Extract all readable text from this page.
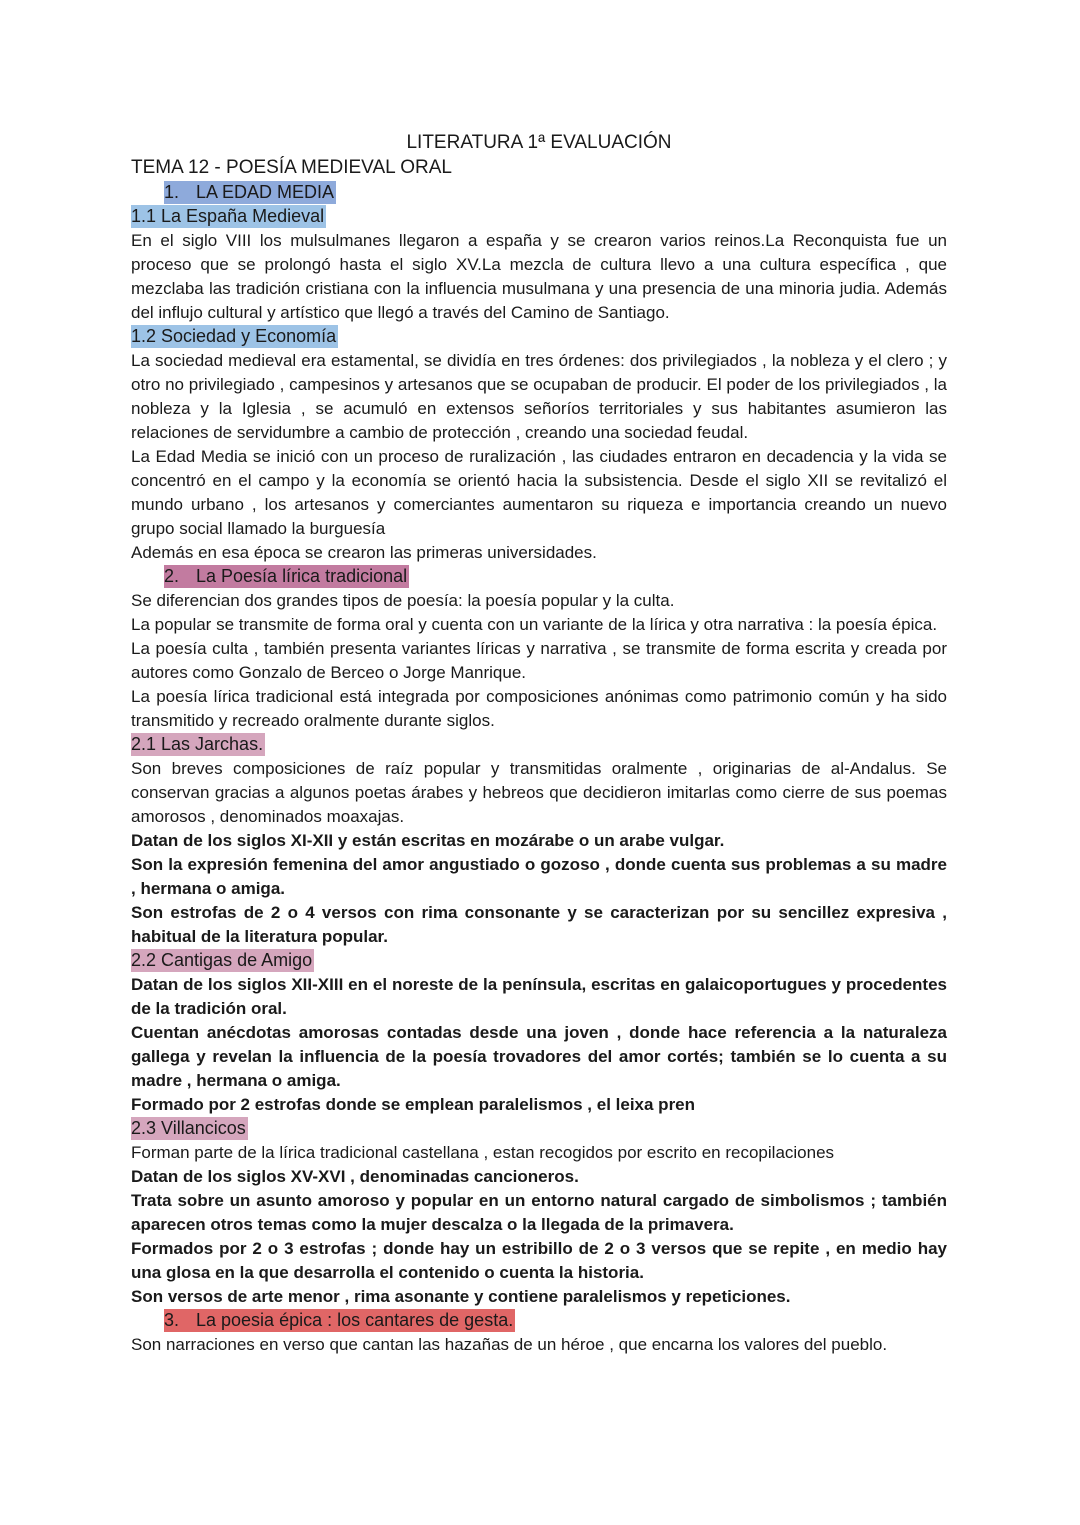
LITERATURA 1ª EVALUACIÓN
TEMA 12 - POESÍA MEDIEVAL ORAL
1. LA EDAD MEDIA
1.1 La España Medieval

En el siglo VIII los mulsulmanes llegaron a españa y se crearon varios reinos.La Reconquista fue un proceso que se prolongó hasta el siglo XV.La mezcla de cultura llevo a una cultura específica , que mezclaba las tradición cristiana con la influencia musulmana y una presencia de una minoria judia. Además del influjo cultural y artístico que llegó a través del Camino de Santiago.

1.2 Sociedad y Economía

La sociedad medieval era estamental, se dividía en tres órdenes: dos privilegiados , la nobleza y el clero ; y otro no privilegiado , campesinos y artesanos que se ocupaban de producir. El poder de los privilegiados , la nobleza y la Iglesia , se acumuló en extensos señoríos territoriales y sus habitantes asumieron las relaciones de servidumbre a cambio de protección , creando una sociedad feudal.

La Edad Media se inició con un proceso de ruralización , las ciudades entraron en decadencia y la vida se concentró en el campo y la economía se orientó hacia la subsistencia. Desde el siglo XII se revitalizó el mundo urbano , los artesanos y comerciantes aumentaron su riqueza e importancia creando un nuevo grupo social llamado la burguesía

Además en esa época se crearon las primeras universidades.

2. La Poesía lírica tradicional

Se diferencian dos grandes tipos de poesía: la poesía popular y la culta.

La popular se transmite de forma oral y cuenta con un variante de la lírica y otra narrativa : la poesía épica.

La poesía culta , también presenta variantes líricas y narrativa , se transmite de forma escrita y creada por autores como Gonzalo de Berceo o Jorge Manrique.

La poesía lírica tradicional está integrada por composiciones anónimas como patrimonio común y ha sido transmitido y recreado oralmente durante siglos.

2.1 Las Jarchas.

Son breves composiciones de raíz popular y transmitidas oralmente , originarias de al-Andalus. Se conservan gracias a algunos poetas árabes y hebreos que decidieron imitarlas como cierre de sus poemas amorosos , denominados moaxajas.

Datan de los siglos XI-XII y están escritas en mozárabe o un arabe vulgar.

Son la expresión femenina del amor angustiado o gozoso , donde cuenta sus problemas a su madre , hermana o amiga.

Son estrofas de 2 o 4 versos con rima consonante y se caracterizan por su sencillez expresiva , habitual de la literatura popular.

2.2 Cantigas de Amigo

Datan de los siglos XII-XIII en el noreste de la península, escritas en galaicoportugues y procedentes de la tradición oral.

Cuentan anécdotas amorosas contadas desde una joven , donde hace referencia a la naturaleza gallega y revelan la influencia de la poesía trovadores del amor cortés; también se lo cuenta a su madre , hermana o amiga.

Formado por 2 estrofas donde se emplean paralelismos , el leixa pren

2.3 Villancicos

Forman parte de la lírica tradicional castellana , estan recogidos por escrito en recopilaciones

Datan de los siglos XV-XVI , denominadas cancioneros.

Trata sobre un asunto amoroso y popular en un entorno natural cargado de simbolismos ; también aparecen otros temas como la mujer descalza o la llegada de la primavera.

Formados por 2 o 3 estrofas ; donde hay un estribillo de 2 o 3 versos que se repite , en medio hay una glosa en la que desarrolla el contenido o cuenta la historia.

Son versos de arte menor , rima asonante y contiene paralelismos y repeticiones.

3. La poesia épica : los cantares de gesta.

Son narraciones en verso que cantan las hazañas de un héroe , que encarna los valores del pueblo.
